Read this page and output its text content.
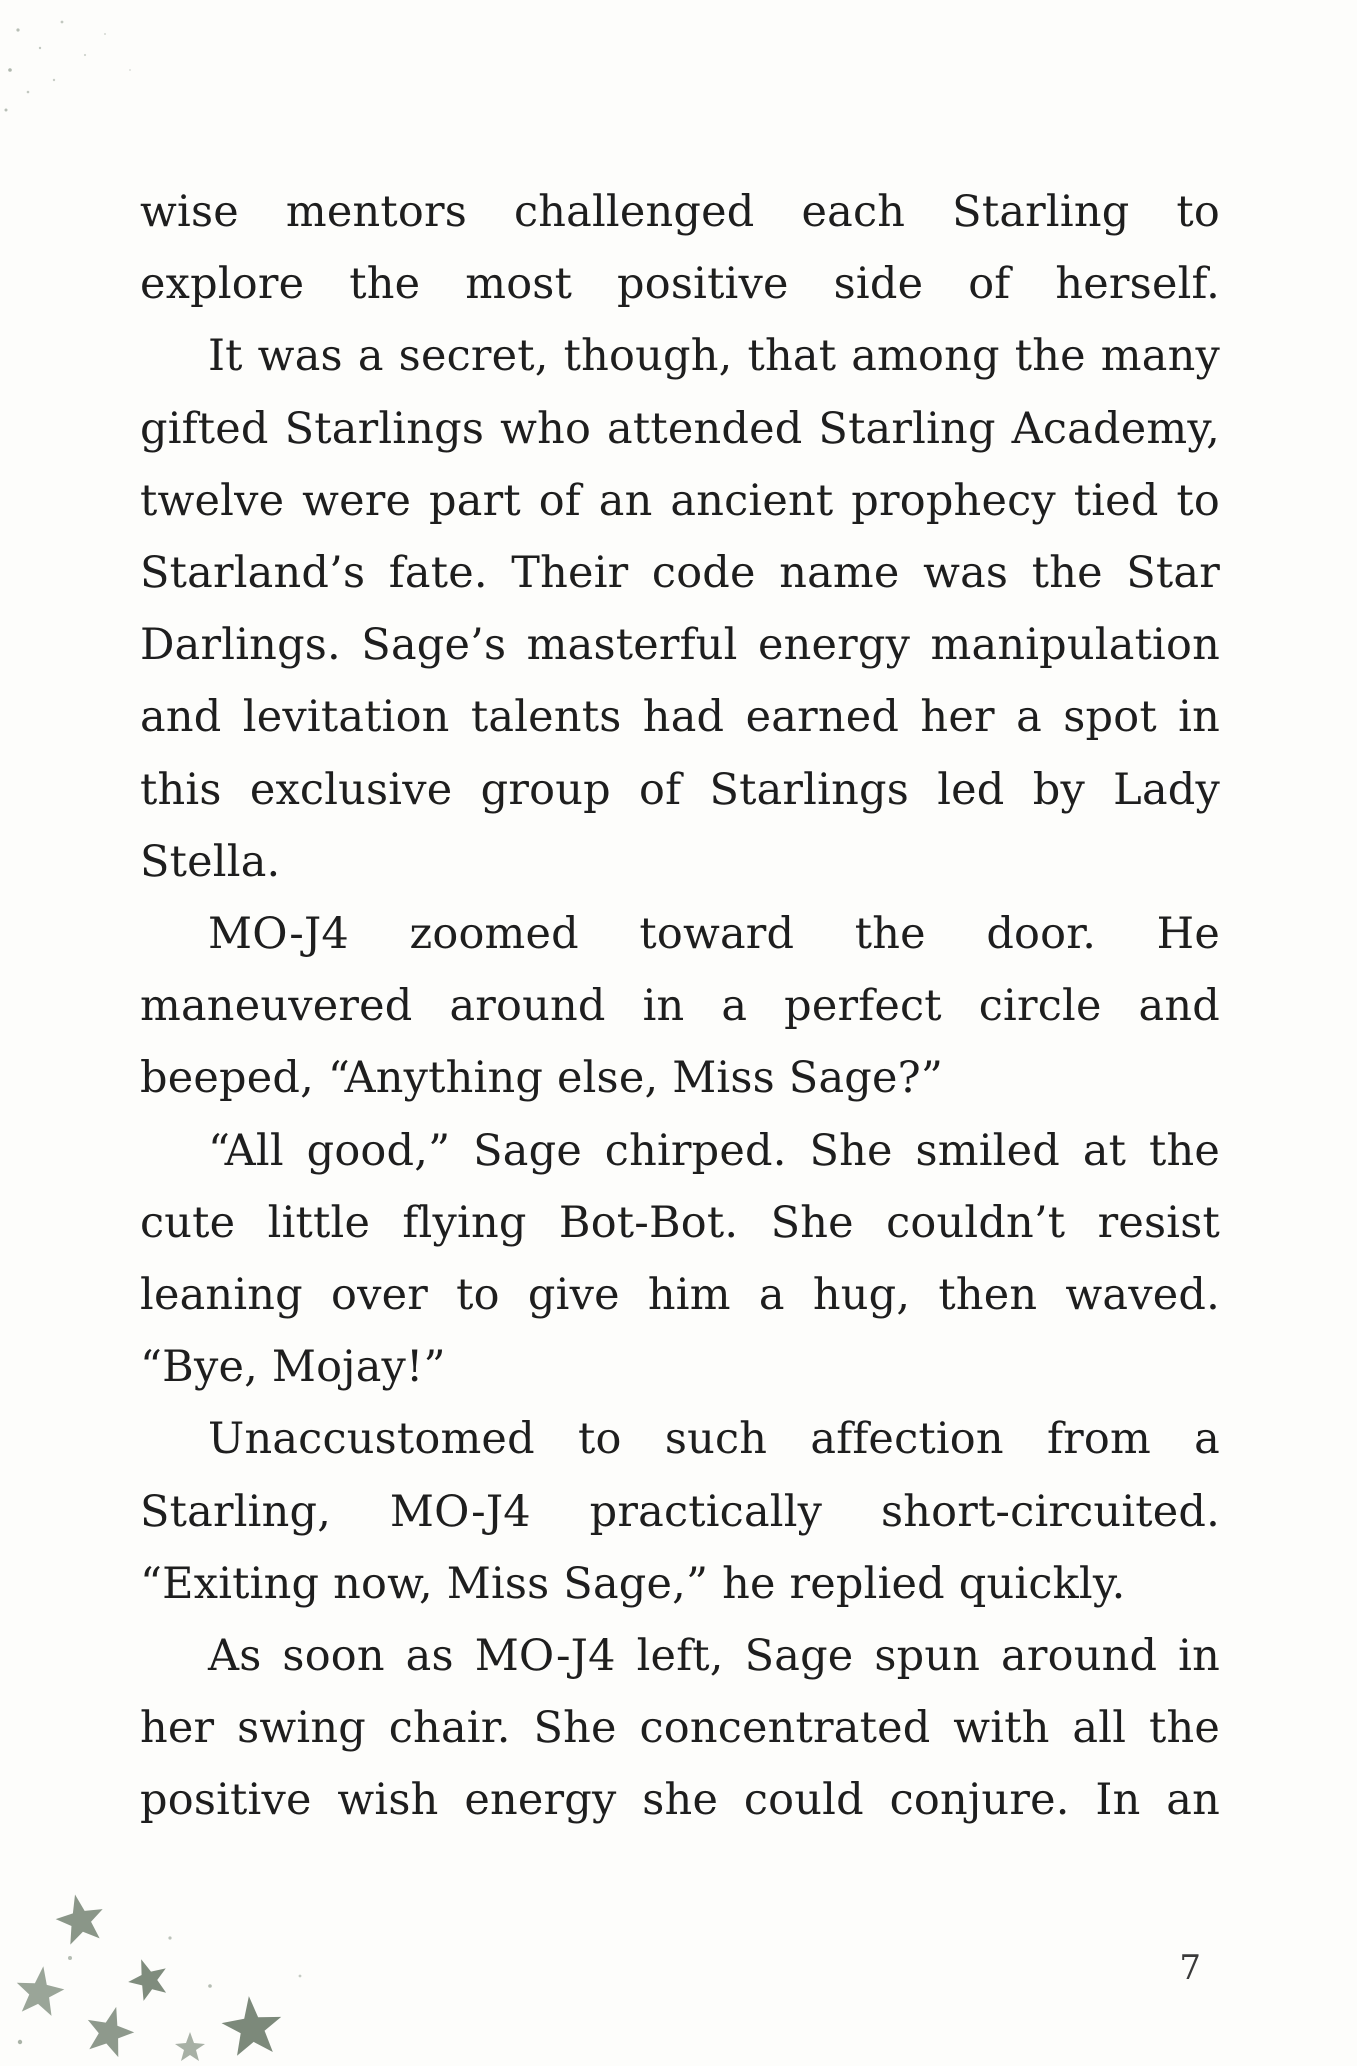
wise mentors challenged each Starling to explore the most positive side of herself.

It was a secret, though, that among the many gifted Starlings who attended Starling Academy, twelve were part of an ancient prophecy tied to Starland’s fate. Their code name was the Star Darlings. Sage’s masterful energy manipulation and levitation talents had earned her a spot in this exclusive group of Starlings led by Lady Stella.

MO-J4 zoomed toward the door. He maneuvered around in a perfect circle and beeped, “Anything else, Miss Sage?”

“All good,” Sage chirped. She smiled at the cute little flying Bot-Bot. She couldn’t resist leaning over to give him a hug, then waved. “Bye, Mojay!”

Unaccustomed to such affection from a Starling, MO-J4 practically short-circuited. “Exiting now, Miss Sage,” he replied quickly.

As soon as MO-J4 left, Sage spun around in her swing chair. She concentrated with all the positive wish energy she could conjure. In an

7
